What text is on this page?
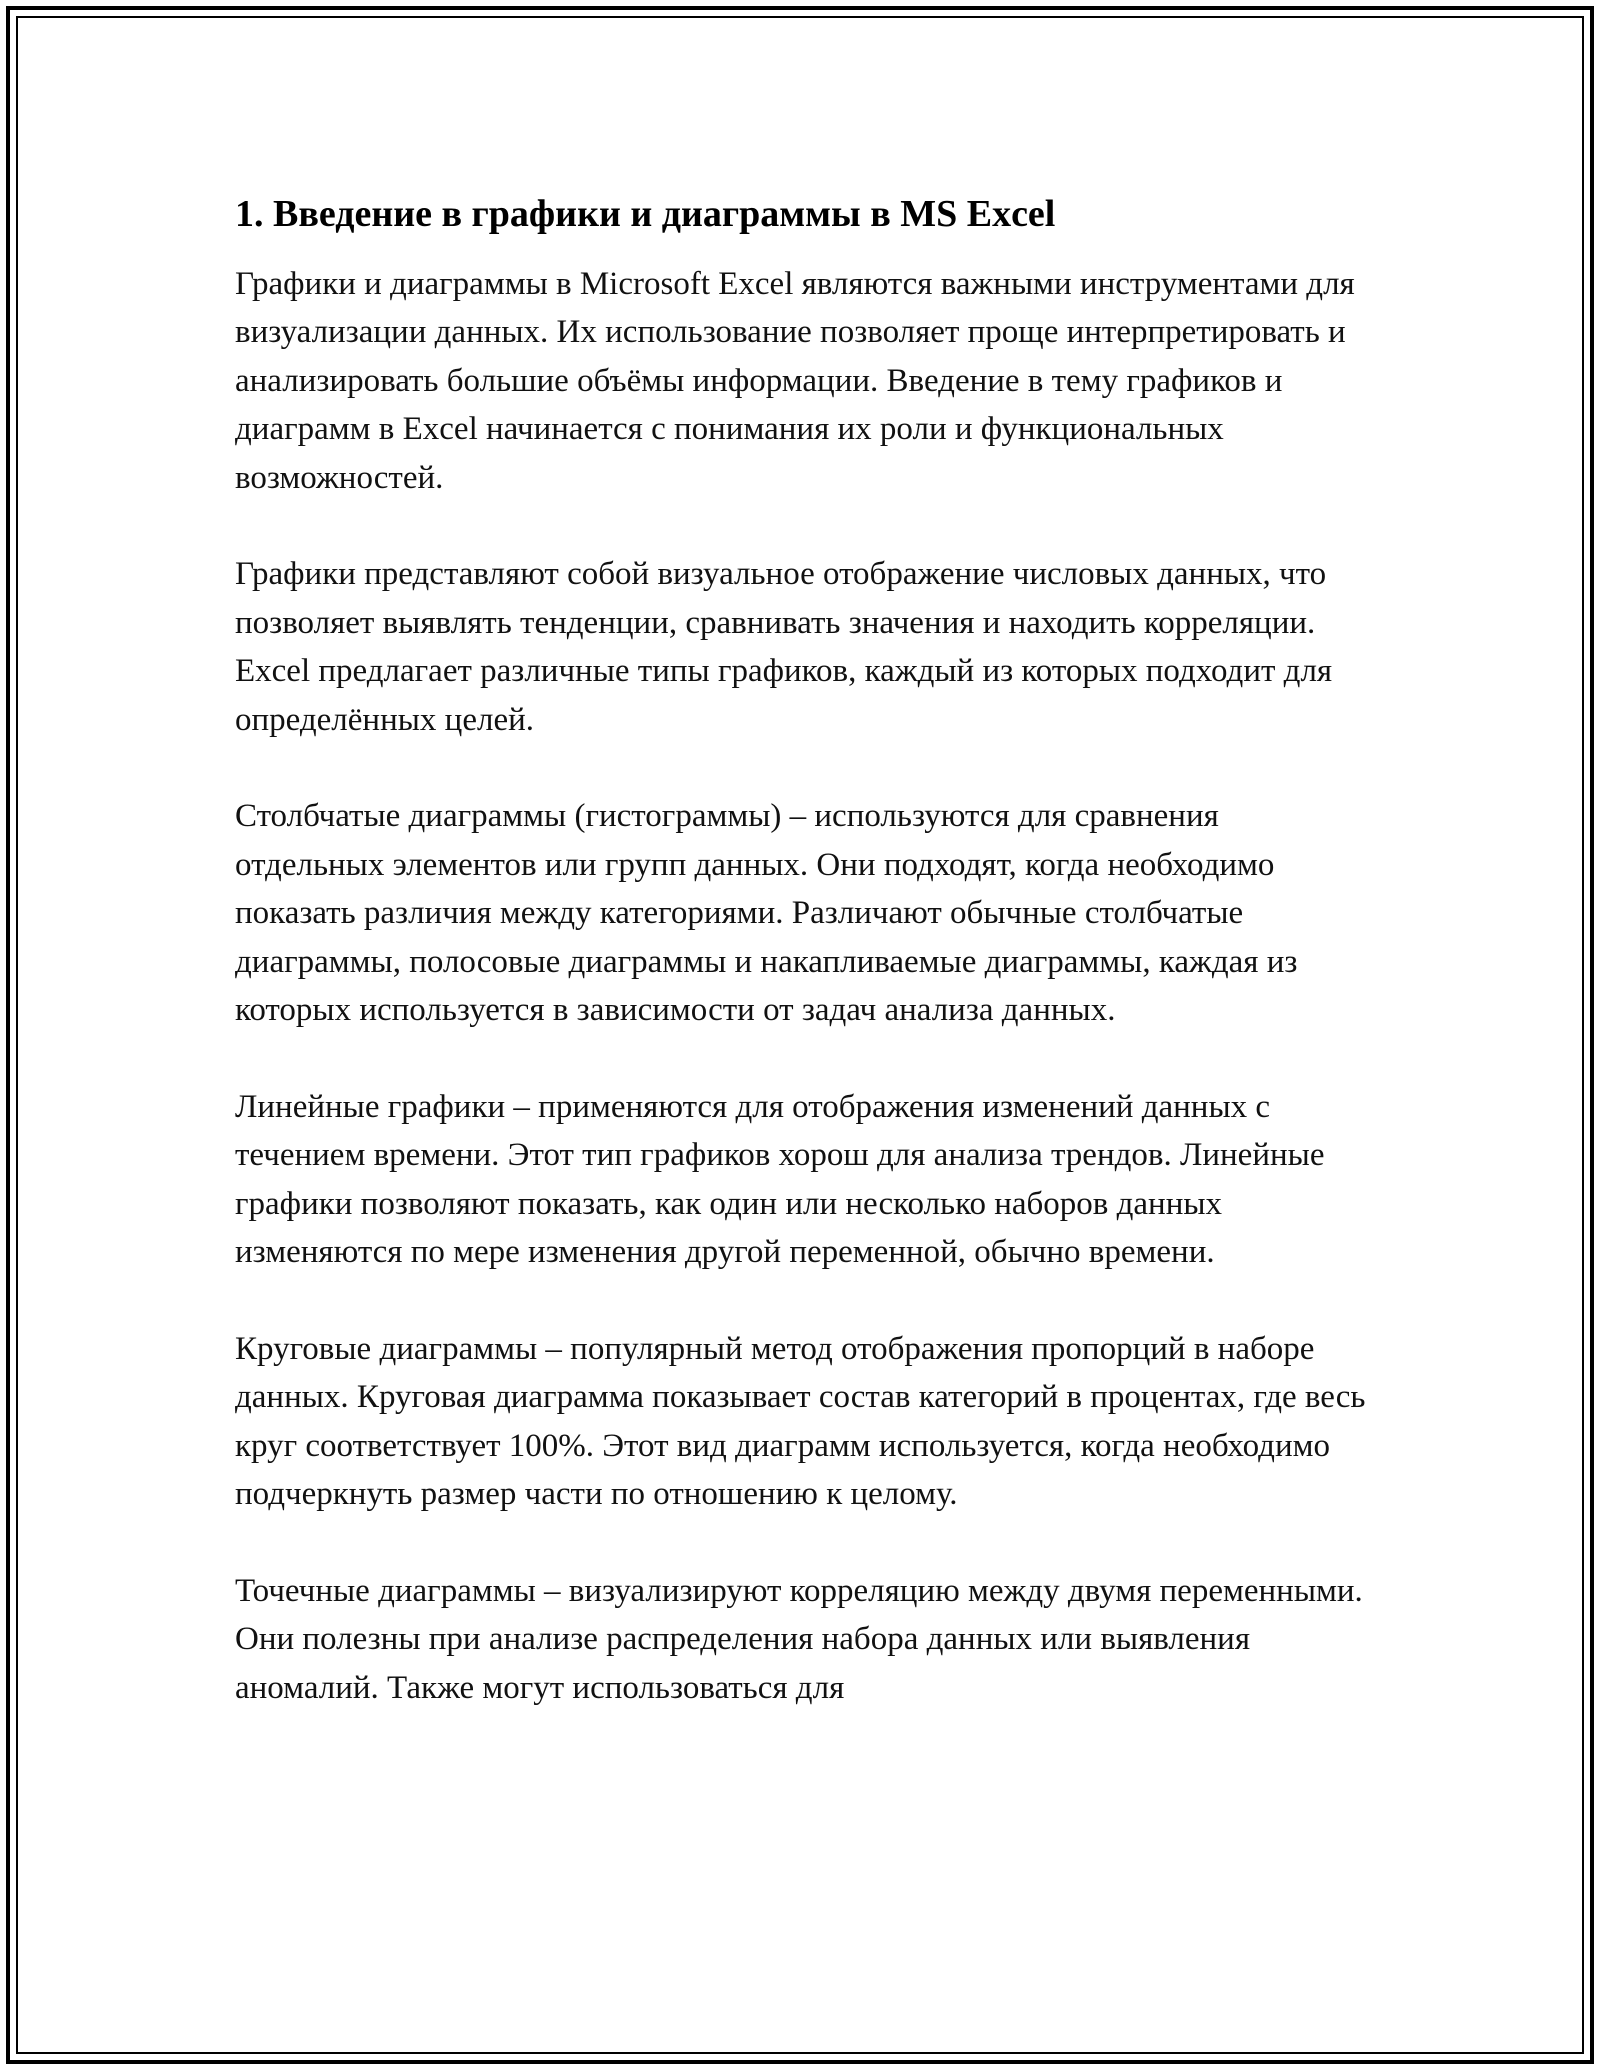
1. Введение в графики и диаграммы в MS Excel

Графики и диаграммы в Microsoft Excel являются важными инструментами для визуализации данных. Их использование позволяет проще интерпретировать и анализировать большие объёмы информации. Введение в тему графиков и диаграмм в Excel начинается с понимания их роли и функциональных возможностей.

Графики представляют собой визуальное отображение числовых данных, что позволяет выявлять тенденции, сравнивать значения и находить корреляции. Excel предлагает различные типы графиков, каждый из которых подходит для определённых целей.

Столбчатые диаграммы (гистограммы) – используются для сравнения отдельных элементов или групп данных. Они подходят, когда необходимо показать различия между категориями. Различают обычные столбчатые диаграммы, полосовые диаграммы и накапливаемые диаграммы, каждая из которых используется в зависимости от задач анализа данных.

Линейные графики – применяются для отображения изменений данных с течением времени. Этот тип графиков хорош для анализа трендов. Линейные графики позволяют показать, как один или несколько наборов данных изменяются по мере изменения другой переменной, обычно времени.

Круговые диаграммы – популярный метод отображения пропорций в наборе данных. Круговая диаграмма показывает состав категорий в процентах, где весь круг соответствует 100%. Этот вид диаграмм используется, когда необходимо подчеркнуть размер части по отношению к целому.

Точечные диаграммы – визуализируют корреляцию между двумя переменными. Они полезны при анализе распределения набора данных или выявления аномалий. Также могут использоваться для
